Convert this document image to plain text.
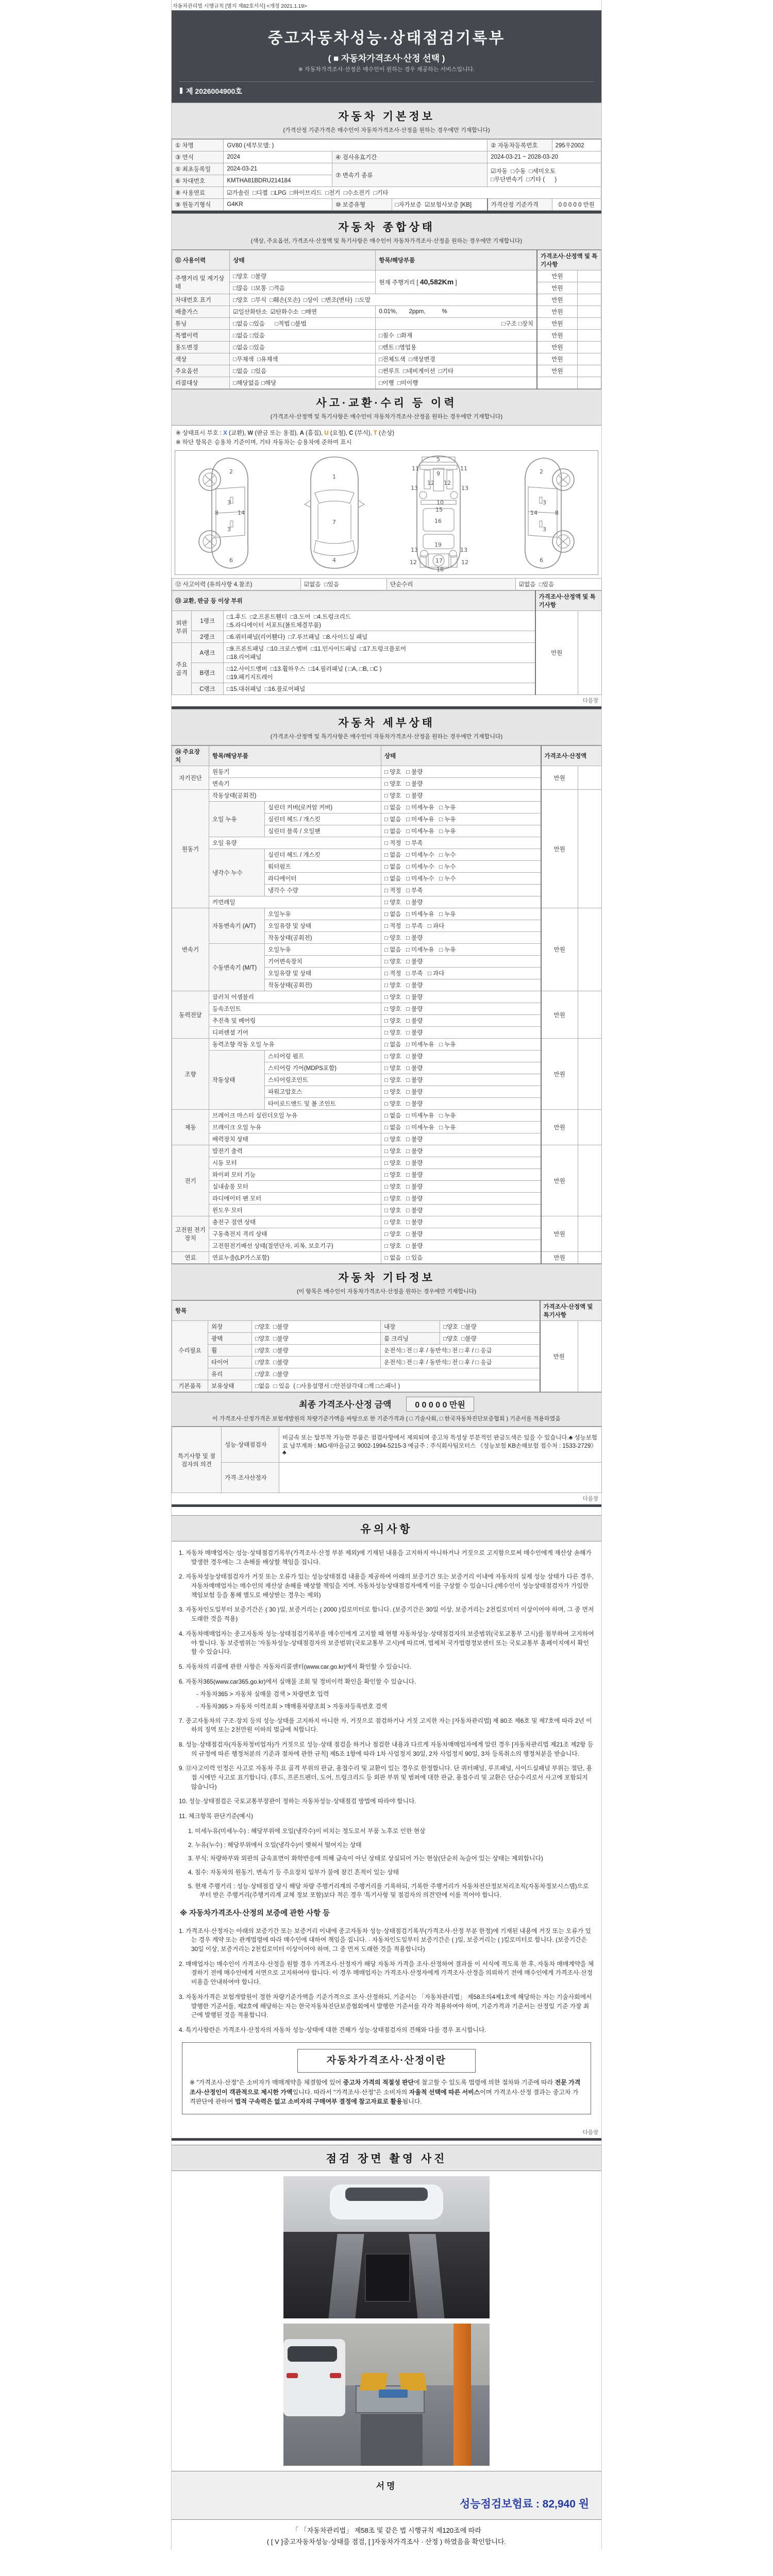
자동차관리법 시행규칙 [별지 제82호서식] <개정 2021.1.19>
중고자동차성능·상태점검기록부
( ■ 자동차가격조사·산정 선택 )
※ 자동차가격조사·산정은 매수인이 원하는 경우 제공하는 서비스입니다.
제 2026004900호
자동차 기본정보

(가격산정 기준가격은 매수인이 자동차가격조사·산정을 원하는 경우에만 기재합니다)

① 차명	GV80 (세부모델: )			② 자동차등록번호	295우2002
③ 연식	2024	④ 검사유효기간		2024-03-21 ~ 2028-03-20	
⑤ 최초등록일	2024-03-21	⑦ 변속기 종류		☑자동  □수동  □세미오토
□무단변속기  □기타 (      )	
⑥ 차대번호	KMTHA81BDRU214184				
⑧ 사용연료	☑가솔린  □디젤  □LPG  □하이브리드  □전기  □수소전기  □기타				
⑨ 원동기형식	G4KR	⑩ 보증유형	□자가보증  ☑보험사보증 [KB]	가격산정 기준가격	0 0 0 0 0 만원
자동차 종합상태

(색상, 주요옵션, 가격조사·산정액 및 특기사항은 매수인이 자동차가격조사·산정을 원하는 경우에만 기재합니다)

⑪ 사용이력	상태	항목/해당부품	가격조사·산정액 및 특기사항	
주행거리 및 계기상태	□양호  □불량	현재 주행거리 [ 40,582Km ]	만원	
	□많음  □보통  □적음		만원	
차대번호 표기	□양호  □부식  □훼손(오손)  □상이  □변조(변타)  □도말		만원	
배출가스	☑일산화탄소  ☑탄화수소  □매연	0.01%,       2ppm,          %	만원	
튜닝	□없음 □있음      □적법 □불법	□구조 □장치	만원	
특별이력	□없음 □있음	□침수  □화재	만원	
용도변경	□없음 □있음	□렌트 □영업용	만원	
색상	□무채색  □유채색	□전체도색  □색상변경	만원	
주요옵션	□없음  □있음	□썬루프  □네비게이션  □기타	만원	
리콜대상	□해당없음 □해당	□이행  □미이행		
사고·교환·수리 등 이력

(가격조사·산정액 및 특기사항은 매수인이 자동차가격조사·산정을 원하는 경우에만 기재합니다)

※ 상태표시 부호 : X (교환), W (판금 또는 용접), A (흠집), U (요철), C (부식), T (손상)
※ 하단 항목은 승용차 기준이며, 기타 자동차는 승용차에 준하여 표시
2
8
3
14
3
6
1
7
4
5
11
9
11
13
12 12
13
10
15
16
13
19
13
12	17	12
18
2
3
8
14
3
6
⑫ 사고이력 (유의사항 4.참조)	☑없음  □있음	단순수리	☑없음  □있음
⑬ 교환, 판금 등 이상 부위			가격조사·산정액 및 특기사항	
외판부위	1랭크	□1.후드  □2.프론트휀더  □3.도어  □4.트렁크리드
□5.라디에이터 서포트(볼트체결부품)	만원	
	2랭크	□6.쿼터패널(리어휀다)  □7.루브패널  □8.사이드실 패널		
주요골격	A랭크	□9.프론트패널  □10.크로스멤버  □11.인사이드패널  □17.트렁크플로어
□18.리어패널		
	B랭크	□12.사이드멤버  □13.휠하우스  □14.필러패널 ( □A, □B, □C )
□19.패키지트레이		
	C랭크	□15.대쉬패널  □16.플로어패널		
다음장
자동차 세부상태

(가격조사·산정액 및 특기사항은 매수인이 자동차가격조사·산정을 원하는 경우에만 기재합니다)

⑭ 주요장치	항목/해당부품		상태	가격조사·산정액	
자기진단	원동기		□ 양호   □ 불량	만원	
	변속기		□ 양호   □ 불량		
원동기	작동상태(공회전)		□ 양호   □ 불량	만원	
	오일 누유	실린더 커버(로커암 커버)	□ 없음   □ 미세누유   □ 누유		
		실린더 헤드 / 개스킷	□ 없음   □ 미세누유   □ 누유		
		실린더 블록 / 오일팬	□ 없음   □ 미세누유   □ 누유		
	오일 유량		□ 적정   □ 부족		
	냉각수 누수	실린더 헤드 / 개스킷	□ 없음   □ 미세누수   □ 누수		
		워터펌프	□ 없음   □ 미세누수   □ 누수		
		라디에이터	□ 없음   □ 미세누수   □ 누수		
		냉각수 수량	□ 적정   □ 부족		
	커먼레일		□ 양호   □ 불량		
변속기	자동변속기 (A/T)	오일누유	□ 없음   □ 미세누유   □ 누유	만원	
		오일유량 및 상태	□ 적정   □ 부족   □ 과다		
		작동상태(공회전)	□ 양호   □ 불량		
	수동변속기 (M/T)	오일누유	□ 없음   □ 미세누유   □ 누유		
		기어변속장치	□ 양호   □ 불량		
		오일유량 및 상태	□ 적정   □ 부족   □ 과다		
		작동상태(공회전)	□ 양호   □ 불량		
동력전달	클러치 어셈블리		□ 양호   □ 불량	만원	
	등속조인트		□ 양호   □ 불량		
	추진축 및 베어링		□ 양호   □ 불량		
	디퍼렌셜 기어		□ 양호   □ 불량		
조향	동력조향 작동 오일 누유		□ 없음   □ 미세누유   □ 누유	만원	
	작동상태	스티어링 펌프	□ 양호   □ 불량		
		스티어링 기어(MDPS포함)	□ 양호   □ 불량		
		스티어링조인트	□ 양호   □ 불량		
		파워고압호스	□ 양호   □ 불량		
		타이로드엔드 및 볼 조인트	□ 양호   □ 불량		
제동	브레이크 마스터 실린더오일 누유		□ 없음   □ 미세누유   □ 누유	만원	
	브레이크 오일 누유		□ 없음   □ 미세누유   □ 누유		
	배력장치 상태		□ 양호   □ 불량		
전기	발전기 출력		□ 양호   □ 불량	만원	
	시동 모터		□ 양호   □ 불량		
	와이퍼 모터 기능		□ 양호   □ 불량		
	실내송풍 모터		□ 양호   □ 불량		
	라디에이터 팬 모터		□ 양호   □ 불량		
	윈도우 모터		□ 양호   □ 불량		
고전원 전기장치	충전구 절연 상태		□ 양호   □ 불량	만원	
	구동축전지 격리 상태		□ 양호   □ 불량		
	고전원전기배선 상태(절연단자, 피복, 보호기구)		□ 양호   □ 불량		
연료	연료누출(LP가스포함)		□ 없음   □ 있음	만원	
자동차 기타정보

(이 항목은 매수인이 자동차가격조사·산정을 원하는 경우에만 기재합니다)

항목					가격조사·산정액 및 특기사항	
수리필요	외장	□양호  □불량	내장	□양호  □불량	만원	
	광택	□양호  □불량	룸 크리닝	□양호  □불량		
	휠	□양호  □불량	운전석□ 전 □ 후 / 동반석□ 전 □ 후 / □ 응급			
	타이어	□양호  □불량	운전석□ 전 □ 후 / 동반석□ 전 □ 후 / □ 응급			
	유리	□양호  □불량				
기본품목	보유상태	□없음  □ 있음  ( □사용설명서 □안전삼각대 □잭 □스패너 )				
최종 가격조사·산정 금액	0 0 0 0 0 만원
이 가격조사·산정가격은 보험개발원의 차량기준가액을 바탕으로 한 기준가격과 ( □ 기술사회, □ 한국자동차진단보증협회 ) 기준서를 적용하였음
특기사항 및 점검자의 의견	성능·상태점검자	비금속 또는 탈부착 가능한 부품은 점검사항에서 제외되며 중고차 특성상 부분적인 판금도색은 있을 수 있습니다.♣ 성능보험료 납부계좌 : MG새마을금고 9002-1994-5215-3 예금주 : 주식회사팀모터스 《성능보험 KB손해보험 접수처 : 1533-2729》 ♣
	가격·조사산정자	
다음장
유의사항
1. 자동차 매매업자는 성능·상태점검기록부(가격조사·산정 부분 제외)에 기재된 내용을 고지하지 아니하거나 거짓으로 고지함으로써 매수인에게 재산상 손해가 발생한 경우에는 그 손해를 배상할 책임을 집니다.
2. 자동차성능상태점검자가 거짓 또는 오류가 있는 성능상태점검 내용을 제공하여 아래의 보증기간 또는 보증거리 이내에 자동차의 실제 성능 상태가 다른 경우, 자동차매매업자는 매수인의 재산상 손해를 배상할 책임을 지며, 자동차성능상태점검자에게 이를 구상할 수 있습니다.(매수인이 성능상태점검자가 가입한 책임보험 등을 통해 별도로 배상받는 경우는 제외)
3. 자동차인도일부터 보증기간은 ( 30 )일, 보증거리는 ( 2000 )킬로미터로 합니다. (보증기간은 30일 이상, 보증거리는 2천킬로미터 이상이어야 하며, 그 중 먼저 도래한 것을 적용)
4. 자동차매매업자는 중고자동차 성능·상태점검기록부를 매수인에게 고지할 때 현행 자동차성능·상태점검자의 보증범위(국토교통부 고시)를 첨부하여 고지하여야 합니다. 동 보증범위는 '자동차성능·상태점검자의 보증범위'(국토교통부 고시)에 따르며, 법제처 국가법령정보센터 또는 국토교통부 홈페이지에서 확인할 수 있습니다.
5. 자동차의 리콜에 관한 사항은 자동차리콜센터(www.car.go.kr)에서 확인할 수 있습니다.
6. 자동차365(www.car365.go.kr)에서 실매물 조회 및 정비이력 확인을 확인할 수 있습니다.
- 자동차365 > 자동차 실매물 검색 > 차량번호 입력
- 자동차365 > 자동차 이력조회 > 매매용차량조회 > 자동차등록번호 검색
7. 중고자동차의 구조·장치 등의 성능·상태를 고지하지 아니한 자, 거짓으로 점검하거나 거짓 고지한 자는 [자동차관리법] 제 80조 제6호 및 제7호에 따라 2년 이하의 징역 또는 2천만원 이하의 벌금에 처합니다.
8. 성능·상태점검자(자동차정비업자)가 거짓으로 성능·상태 점검을 하거나 점검한 내용과 다르게 자동차매매업자에게 알린 경우 [자동차관리법 제21조 제2항 등의 규정에 따른 행정처분의 기준과 절차에 관한 규칙] 제5조 1항에 따라 1차 사업정지 30일, 2차 사업정지 90일, 3차 등록취소의 행정처분을 받습니다.
9. ⑫사고이력 인정은 사고로 자동차 주요 골격 부위의 판금, 용접수리 및 교환이 있는 경우로 한정합니다. 단 쿼터패널, 루프패널, 사이드실패널 부위는 절단, 용접 시에만 사고로 표기합니다. (후드, 프론트펜더, 도어, 트렁크리드 등 외판 부위 및 범퍼에 대한 판금, 용접수리 및 교환은 단순수리로서 사고에 포함되지 않습니다)
10. 성능·상태점검은 국토교통부장관이 정하는 자동차성능·상태점검 방법에 따라야 합니다.
11. 체크항목 판단기준(예시)
1. 미세누유(미세누수) : 해당부위에 오일(냉각수)이 비치는 정도로서 부품 노후로 인한 현상
2. 누유(누수) : 해당부위에서 오일(냉각수)이 맺혀서 떨어지는 상태
3. 부식: 차량하부와 외판의 금속표면이 화학반응에 의해 금속이 아닌 상태로 상실되어 가는 현상(단순히 녹슬어 있는 상태는 제외합니다)
4. 침수: 자동차의 원동기, 변속기 등 주요장치 일부가 물에 잠긴 흔적이 있는 상태
5. 현재 주행거리 : 성능·상태점검 당시 해당 차량 주행거리계의 주행거리를 기록하되, 기록한 주행거리가 자동차전산정보처리조직(자동차정보시스템)으로부터 받은 주행거리(주행거리계 교체 정보 포함)보다 적은 경우 '특기사항 및 점검자의 의견'란에 이를 적어야 합니다.
※ 자동차가격조사·산정의 보증에 관한 사항 등
1. 가격조사·산정자는 아래의 보증기간 또는 보증거리 이내에 중고자동차 성능·상태점검기록부(가격조사·산정 부분 한정)에 기재된 내용에 거짓 또는 오류가 있는 경우 계약 또는 관계법령에 따라 매수인에 대하여 책임을 집니다. · 자동차인도일부터 보증기간은 ( )일, 보증거리는 ( )킬로미터로 합니다. (보증기간은 30일 이상, 보증거리는 2천킬로미터 이상이어야 하며, 그 중 먼저 도래한 것을 적용합니다)
2. 매매업자는 매수인이 가격조사·산정을 원할 경우 가격조사·산정자가 해당 자동차 가격을 조사·산정하여 결과를 이 서식에 적도록 한 후, 자동차 매매계약을 체결하기 전에 매수인에게 서면으로 고지하여야 합니다. 이 경우 매매업자는 가격조사·산정자에게 가격조사·산정을 의뢰하기 전에 매수인에게 가격조사·산정 비용을 안내하여야 합니다.
3. 자동차가격은 보험개발원이 정한 차량기준가액을 기준가격으로 조사·산정하되, 기준서는 「자동차관리법」 제58조의4제1호에 해당하는 자는 기술사회에서 발행한 기준서를, 제2호에 해당하는 자는 한국자동차진단보증협회에서 발행한 기준서를 각각 적용하여야 하며, 기준가격과 기준서는 산정일 기준 가장 최근에 발행된 것을 적용합니다.
4. 특기사항란은 가격조사·산정자의 자동차 성능·상태에 대한 견해가 성능·상태점검자의 견해와 다를 경우 표시합니다.
자동차가격조사·산정이란
※ "가격조사·산정"은 소비자가 매매계약을 체결함에 있어 중고차 가격의 적절성 판단에 참고할 수 있도록 법령에 의한 절차와 기준에 따라 전문 가격조사·산정인이 객관적으로 제시한 가액입니다. 따라서 "가격조사·산정"은 소비자의 자율적 선택에 따른 서비스이며 가격조사·산정 결과는 중고차 가격판단에 관하여 법적 구속력은 없고 소비자의 구매여부 결정에 참고자료로 활용됩니다.
다음장
점검 장면 촬영 사진
서명
성능점검보험료 : 82,940 원
「 「자동차관리법」 제58조 및 같은 법 시행규칙 제120조에 따라
( [ V ]중고자동차성능·상태를 점검, [ ]자동차가격조사 · 산정 ) 하였음을 확인합니다.
